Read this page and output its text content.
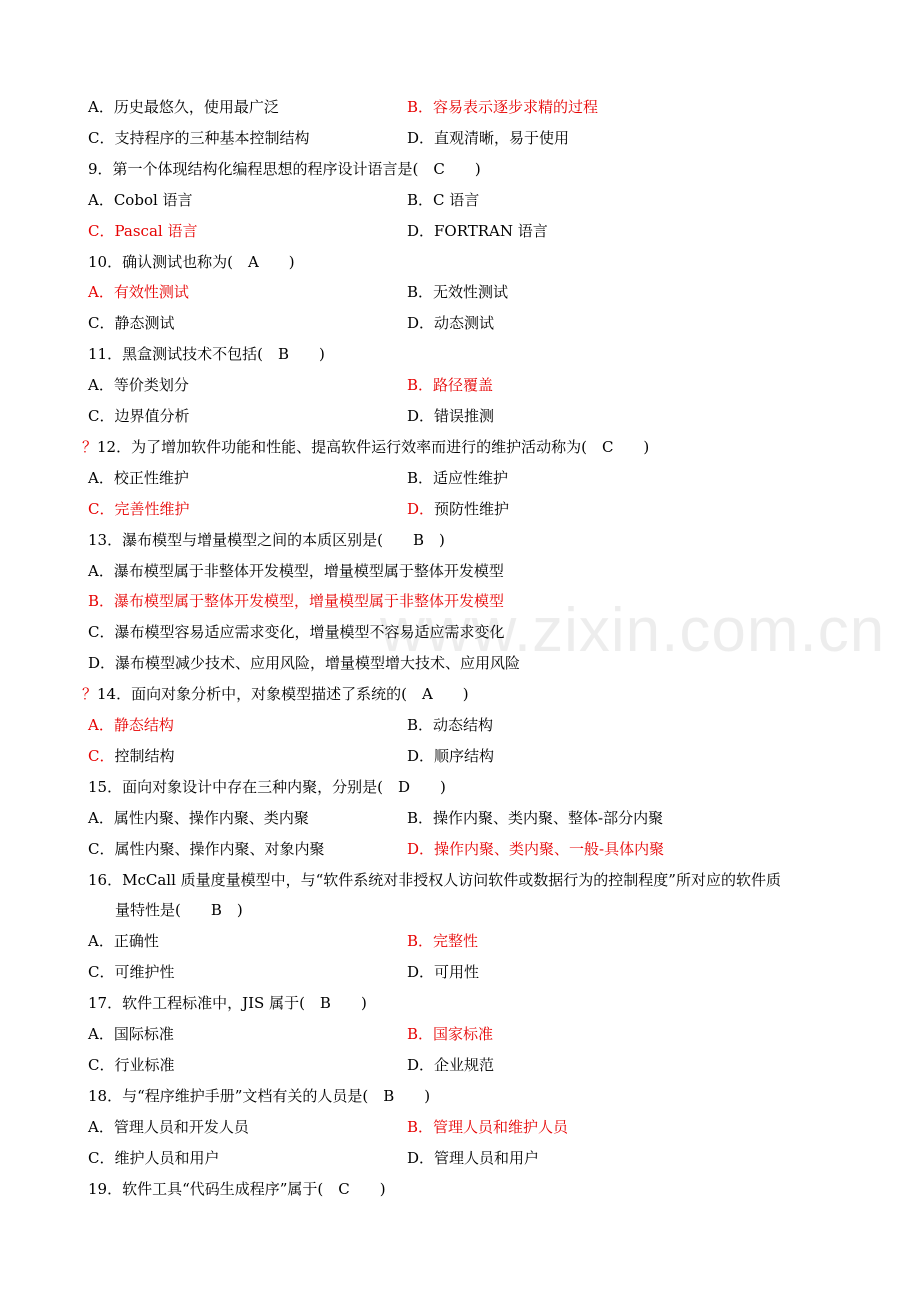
www.zixin.com.cn
A．历史最悠久，使用最广泛	B．容易表示逐步求精的过程
C．支持程序的三种基本控制结构	D．直观清晰，易于使用
9．第一个体现结构化编程思想的程序设计语言是(　C　　)
A．Cobol 语言	B．C 语言
C．Pascal 语言	D．FORTRAN 语言
10．确认测试也称为(　A　　)
A．有效性测试	B．无效性测试
C．静态测试	D．动态测试
11．黑盒测试技术不包括(　B　　)
A．等价类划分	B．路径覆盖
C．边界值分析	D．错误推测
？12．为了增加软件功能和性能、提高软件运行效率而进行的维护活动称为(　C　　)
A．校正性维护	B．适应性维护
C．完善性维护	D．预防性维护
13．瀑布模型与增量模型之间的本质区别是(　　B　)
A．瀑布模型属于非整体开发模型，增量模型属于整体开发模型
B．瀑布模型属于整体开发模型，增量模型属于非整体开发模型
C．瀑布模型容易适应需求变化，增量模型不容易适应需求变化
D．瀑布模型减少技术、应用风险，增量模型增大技术、应用风险
？14．面向对象分析中，对象模型描述了系统的(　A　　)
A．静态结构	B．动态结构
C．控制结构	D．顺序结构
15．面向对象设计中存在三种内聚，分别是(　D　　)
A．属性内聚、操作内聚、类内聚	B．操作内聚、类内聚、整体-部分内聚
C．属性内聚、操作内聚、对象内聚	D．操作内聚、类内聚、一般-具体内聚
16．McCall 质量度量模型中，与“软件系统对非授权人访问软件或数据行为的控制程度”所对应的软件质
量特性是(　　B　)
A．正确性	B．完整性
C．可维护性	D．可用性
17．软件工程标准中，JIS 属于(　B　　)
A．国际标准	B．国家标准
C．行业标准	D．企业规范
18．与“程序维护手册”文档有关的人员是(　B　　)
A．管理人员和开发人员	B．管理人员和维护人员
C．维护人员和用户	D．管理人员和用户
19．软件工具“代码生成程序”属于(　C　　)
